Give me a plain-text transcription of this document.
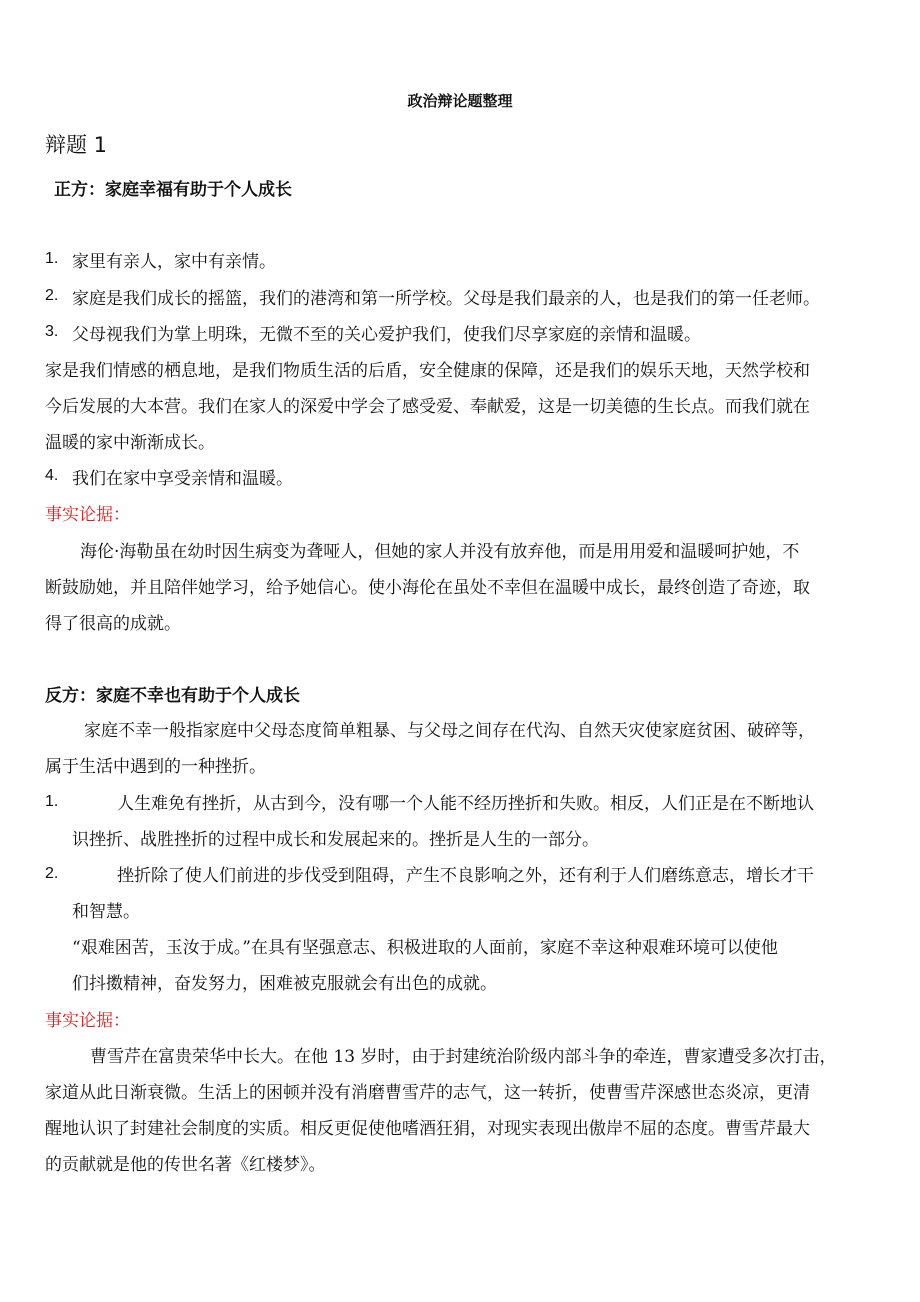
政治辩论题整理
辩题 1
正方：家庭幸福有助于个人成长
1. 家里有亲人，家中有亲情。
2. 家庭是我们成长的摇篮，我们的港湾和第一所学校。父母是我们最亲的人，也是我们的第一任老师。
3. 父母视我们为掌上明珠，无微不至的关心爱护我们，使我们尽享家庭的亲情和温暖。
家是我们情感的栖息地，是我们物质生活的后盾，安全健康的保障，还是我们的娱乐天地，天然学校和
今后发展的大本营。我们在家人的深爱中学会了感受爱、奉献爱，这是一切美德的生长点。而我们就在
温暖的家中渐渐成长。
4. 我们在家中享受亲情和温暖。
事实论据：
海伦·海勒虽在幼时因生病变为聋哑人，但她的家人并没有放弃他，而是用用爱和温暖呵护她，不
断鼓励她，并且陪伴她学习，给予她信心。使小海伦在虽处不幸但在温暖中成长，最终创造了奇迹，取
得了很高的成就。
反方：家庭不幸也有助于个人成长
家庭不幸一般指家庭中父母态度简单粗暴、与父母之间存在代沟、自然天灾使家庭贫困、破碎等，
属于生活中遇到的一种挫折。
1.	人生难免有挫折，从古到今，没有哪一个人能不经历挫折和失败。相反，人们正是在不断地认
识挫折、战胜挫折的过程中成长和发展起来的。挫折是人生的一部分。
2.	挫折除了使人们前进的步伐受到阻碍，产生不良影响之外，还有利于人们磨练意志，增长才干
和智慧。
“艰难困苦，玉汝于成。”在具有坚强意志、积极进取的人面前，家庭不幸这种艰难环境可以使他
们抖擞精神，奋发努力，困难被克服就会有出色的成就。
事实论据：
曹雪芹在富贵荣华中长大。在他 13 岁时，由于封建统治阶级内部斗争的牵连，曹家遭受多次打击，
家道从此日渐衰微。生活上的困顿并没有消磨曹雪芹的志气，这一转折，使曹雪芹深感世态炎凉，更清
醒地认识了封建社会制度的实质。相反更促使他嗜酒狂狷，对现实表现出傲岸不屈的态度。曹雪芹最大
的贡献就是他的传世名著《红楼梦》。
